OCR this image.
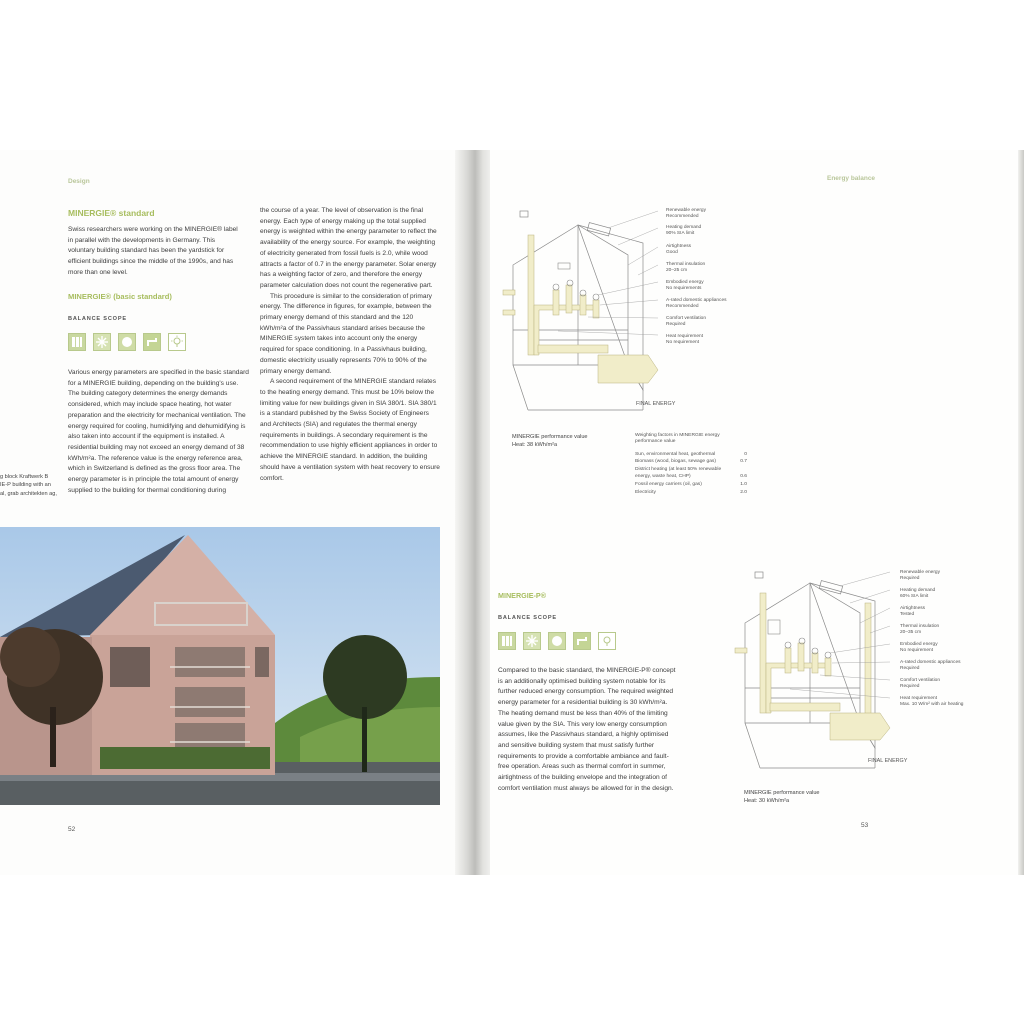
Design
MINERGIE® standard

Swiss researchers were working on the MINERGIE® label in parallel with the developments in Germany. This voluntary building standard has been the yardstick for efficient buildings since the middle of the 1990s, and has more than one level.

MINERGIE® (basic standard)
BALANCE SCOPE

Various energy parameters are specified in the basic standard for a MINERGIE building, depending on the building's use. The building category determines the energy demands considered, which may include space heating, hot water preparation and the electricity for mechanical ventilation. The energy required for cooling, humidifying and dehumidifying is also taken into account if the equipment is installed. A residential building may not exceed an energy demand of 38 kWh/m²a. The reference value is the energy reference area, which in Switzerland is defined as the gross floor area. The energy parameter is in principle the total amount of energy supplied to the building for thermal conditioning during

the course of a year. The level of observation is the final energy. Each type of energy making up the total supplied energy is weighted within the energy parameter to reflect the availability of the energy source. For example, the weighting of electricity generated from fossil fuels is 2.0, while wood attracts a factor of 0.7 in the energy parameter. Solar energy has a weighting factor of zero, and therefore the energy parameter calculation does not count the regenerative part.

This procedure is similar to the consideration of primary energy. The difference in figures, for example, between the primary energy demand of this standard and the 120 kWh/m²a of the Passivhaus standard arises because the MINERGIE system takes into account only the energy required for space conditioning. In a Passivhaus building, domestic electricity usually represents 70% to 90% of the primary energy demand.

A second requirement of the MINERGIE standard relates to the heating energy demand. This must be 10% below the limiting value for new buildings given in SIA 380/1. SIA 380/1 is a standard published by the Swiss Society of Engineers and Architects (SIA) and regulates the thermal energy requirements in buildings. A secondary requirement is the recommendation to use highly efficient appliances in order to achieve the MINERGIE standard. In addition, the building should have a ventilation system with heat recovery to ensure comfort.

g block Kraftwerk B
IE-P building with an
al, grab architekten ag,
52
Energy balance
Renewable energy
Recommended
Heating demand
90% SIA limit
Airtightness
Good
Thermal insulation
20–25 cm
Embodied energy
No requirements
A-rated domestic appliances
Recommended
Comfort ventilation
Required
Heat requirement
No requirement
FINAL ENERGY
MINERGIE performance value
Heat: 38 kWh/m²a
Weighting factors in MINERGIE energy
performance value
Sun, environmental heat, geothermal	0
Biomass (wood, biogas, sewage gas)	0.7
District heating (at least 50% renewable
energy, waste heat, CHP)	0.6
Fossil energy carriers (oil, gas)	1.0
Electricity	2.0
MINERGIE-P®
BALANCE SCOPE

Compared to the basic standard, the MINERGIE-P® concept is an additionally optimised building system notable for its further reduced energy consumption. The required weighted energy parameter for a residential building is 30 kWh/m²a. The heating demand must be less than 40% of the limiting value given by the SIA. This very low energy consumption assumes, like the Passivhaus standard, a highly optimised and sensitive building system that must satisfy further requirements to provide a comfortable ambiance and fault-free operation. Areas such as thermal comfort in summer, airtightness of the building envelope and the integration of comfort ventilation must always be allowed for in the design.

Renewable energy
Required
Heating demand
60% SIA limit
Airtightness
Tested
Thermal insulation
20–35 cm
Embodied energy
No requirement
A-rated domestic appliances
Required
Comfort ventilation
Required
Heat requirement
Max. 10 W/m² with air heating
FINAL ENERGY
MINERGIE performance value
Heat: 30 kWh/m²a
53
